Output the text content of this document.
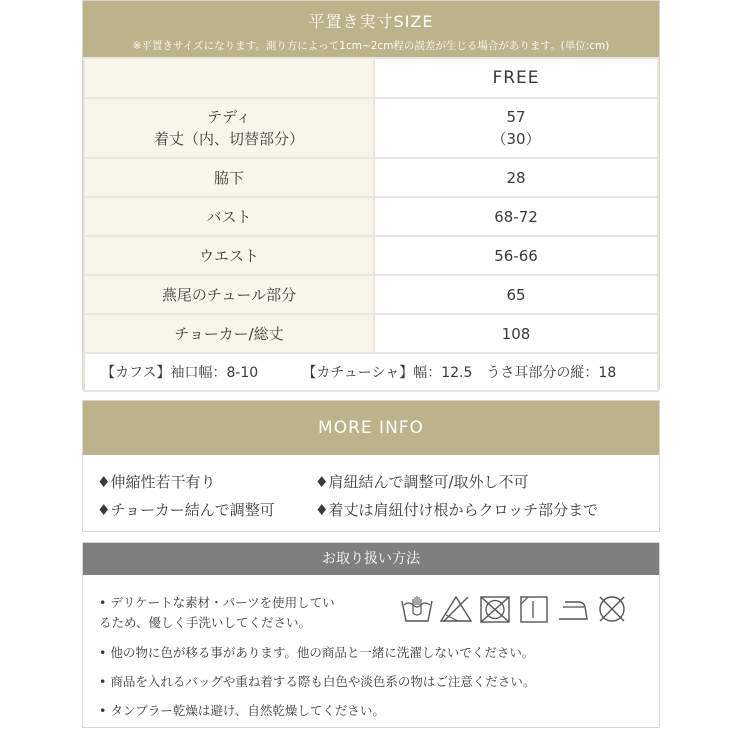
平置き実寸SIZE
※平置きサイズになります。測り方によって1cm~2cm程の誤差が生じる場合があります。(単位:cm)
	FREE
テディ
着丈（内、切替部分）	57
（30）
脇下	28
バスト	68-72
ウエスト	56-66
燕尾のチュール部分	65
チョーカー/総丈	108
【カフス】袖口幅：8-10 【カチューシャ】幅：12.5　うさ耳部分の縦：18	
MORE INFO
♦伸縮性若干有り	♦肩紐結んで調整可/取外し不可
♦チョーカー結んで調整可	♦着丈は肩紐付け根からクロッチ部分まで
お取り扱い方法
• デリケートな素材・パーツを使用してい
るため、優しく手洗いしてください。
• 他の物に色が移る事があります。他の商品と一緒に洗濯しないでください。
• 商品を入れるバッグや重ね着する際も白色や淡色系の物はご注意ください。
• タンブラー乾燥は避け、自然乾燥してください。
